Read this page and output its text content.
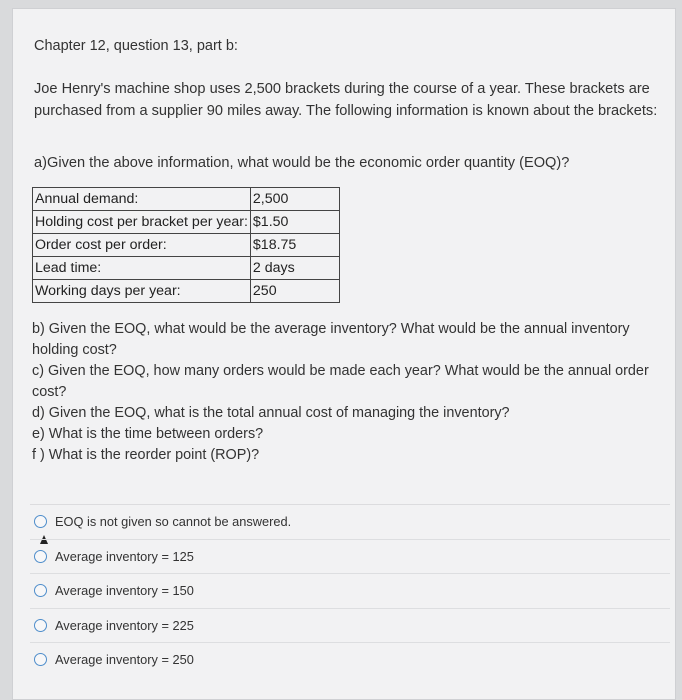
Chapter 12, question 13, part b:
Joe Henry's machine shop uses 2,500 brackets during the course of a year. These brackets are purchased from a supplier 90 miles away. The following information is known about the brackets:
a)Given the above information, what would be the economic order quantity (EOQ)?
Annual demand:	2,500
Holding cost per bracket per year:	$1.50
Order cost per order:	$18.75
Lead time:	2 days
Working days per year:	250

b) Given the EOQ, what would be the average inventory? What would be the annual inventory holding cost?

c) Given the EOQ, how many orders would be made each year? What would be the annual order cost?

d) Given the EOQ, what is the total annual cost of managing the inventory?

e) What is the time between orders?

f ) What is the reorder point (ROP)?

EOQ is not given so cannot be answered.
Average inventory = 125
Average inventory = 150
Average inventory = 225
Average inventory = 250
